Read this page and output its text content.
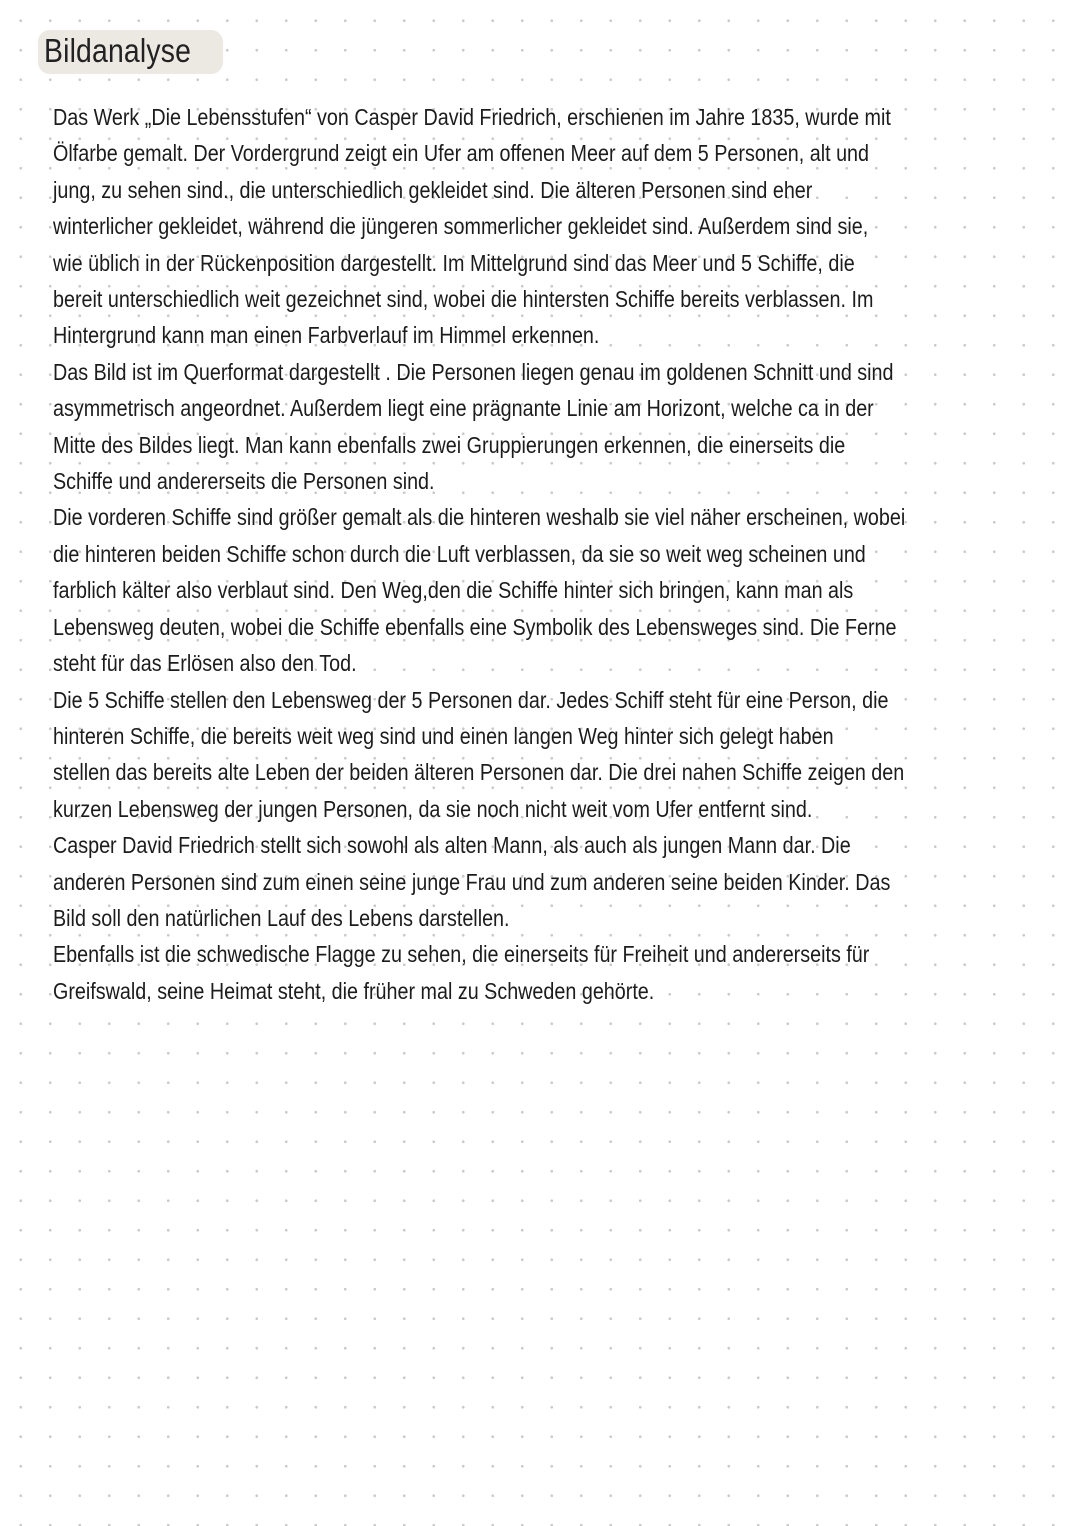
Bildanalyse
Das Werk „Die Lebensstufen“ von Casper David Friedrich, erschienen im Jahre 1835, wurde mit
Ölfarbe gemalt. Der Vordergrund zeigt ein Ufer am offenen Meer auf dem 5 Personen, alt und
jung, zu sehen sind., die unterschiedlich gekleidet sind. Die älteren Personen sind eher
winterlicher gekleidet, während die jüngeren sommerlicher gekleidet sind. Außerdem sind sie,
wie üblich in der Rückenposition dargestellt. Im Mittelgrund sind das Meer und 5 Schiffe, die
bereit unterschiedlich weit gezeichnet sind, wobei die hintersten Schiffe bereits verblassen. Im
Hintergrund kann man einen Farbverlauf im Himmel erkennen.
Das Bild ist im Querformat dargestellt . Die Personen liegen genau im goldenen Schnitt und sind
asymmetrisch angeordnet. Außerdem liegt eine prägnante Linie am Horizont, welche ca in der
Mitte des Bildes liegt. Man kann ebenfalls zwei Gruppierungen erkennen, die einerseits die
Schiffe und andererseits die Personen sind.
Die vorderen Schiffe sind größer gemalt als die hinteren weshalb sie viel näher erscheinen, wobei
die hinteren beiden Schiffe schon durch die Luft verblassen, da sie so weit weg scheinen und
farblich kälter also verblaut sind. Den Weg,den die Schiffe hinter sich bringen, kann man als
Lebensweg deuten, wobei die Schiffe ebenfalls eine Symbolik des Lebensweges sind. Die Ferne
steht für das Erlösen also den Tod.
Die 5 Schiffe stellen den Lebensweg der 5 Personen dar. Jedes Schiff steht für eine Person, die
hinteren Schiffe, die bereits weit weg sind und einen langen Weg hinter sich gelegt haben
stellen das bereits alte Leben der beiden älteren Personen dar. Die drei nahen Schiffe zeigen den
kurzen Lebensweg der jungen Personen, da sie noch nicht weit vom Ufer entfernt sind.
Casper David Friedrich stellt sich sowohl als alten Mann, als auch als jungen Mann dar. Die
anderen Personen sind zum einen seine junge Frau und zum anderen seine beiden Kinder. Das
Bild soll den natürlichen Lauf des Lebens darstellen.
Ebenfalls ist die schwedische Flagge zu sehen, die einerseits für Freiheit und andererseits für
Greifswald, seine Heimat steht, die früher mal zu Schweden gehörte.
